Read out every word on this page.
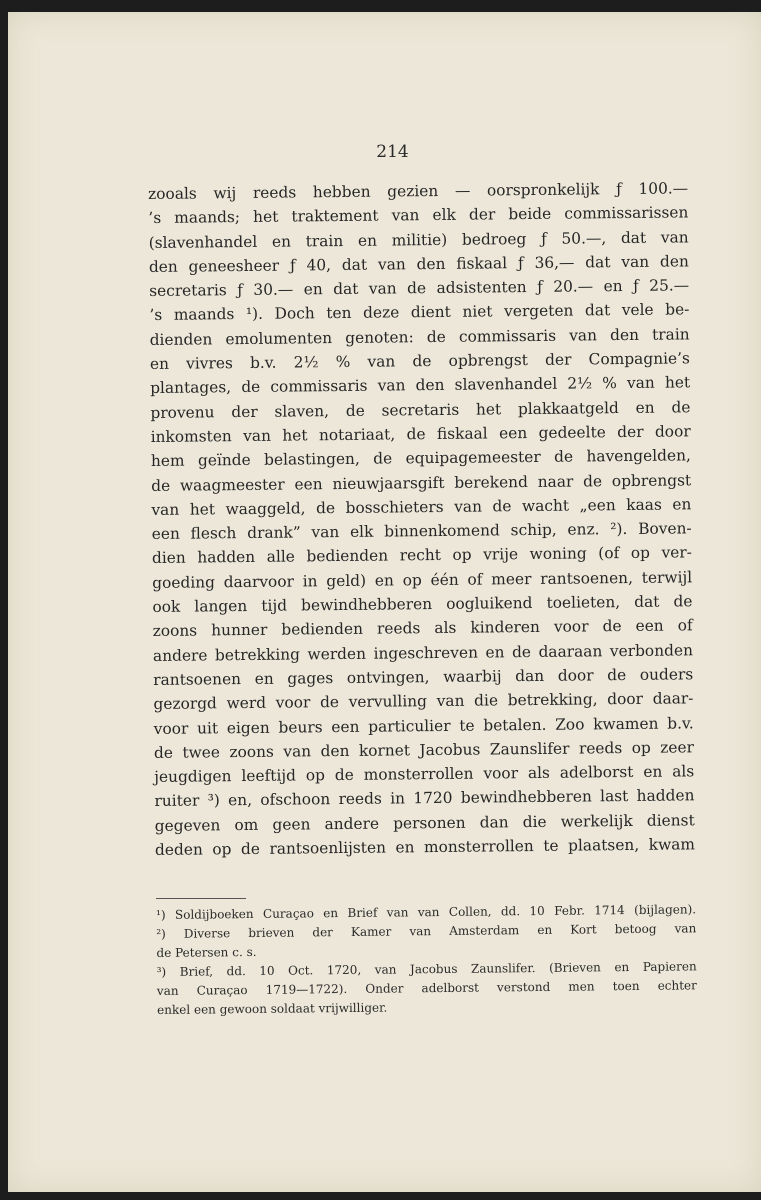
214
zooals wij reeds hebben gezien — oorspronkelijk ƒ 100.—
’s maands; het traktement van elk der beide commissarissen
(slavenhandel en train en militie) bedroeg ƒ 50.—, dat van
den geneesheer ƒ 40, dat van den fiskaal ƒ 36,— dat van den
secretaris ƒ 30.— en dat van de adsistenten ƒ 20.— en ƒ 25.—
’s maands ¹). Doch ten deze dient niet vergeten dat vele be-
dienden emolumenten genoten: de commissaris van den train
en vivres b.v. 2½ % van de opbrengst der Compagnie’s
plantages, de commissaris van den slavenhandel 2½ % van het
provenu der slaven, de secretaris het plakkaatgeld en de
inkomsten van het notariaat, de fiskaal een gedeelte der door
hem geïnde belastingen, de equipagemeester de havengelden,
de waagmeester een nieuwjaarsgift berekend naar de opbrengst
van het waaggeld, de bosschieters van de wacht „een kaas en
een flesch drank” van elk binnenkomend schip, enz. ²). Boven-
dien hadden alle bedienden recht op vrije woning (of op ver-
goeding daarvoor in geld) en op één of meer rantsoenen, terwijl
ook langen tijd bewindhebberen oogluikend toelieten, dat de
zoons hunner bedienden reeds als kinderen voor de een of
andere betrekking werden ingeschreven en de daaraan verbonden
rantsoenen en gages ontvingen, waarbij dan door de ouders
gezorgd werd voor de vervulling van die betrekking, door daar-
voor uit eigen beurs een particulier te betalen. Zoo kwamen b.v.
de twee zoons van den kornet Jacobus Zaunslifer reeds op zeer
jeugdigen leeftijd op de monsterrollen voor als adelborst en als
ruiter ³) en, ofschoon reeds in 1720 bewindhebberen last hadden
gegeven om geen andere personen dan die werkelijk dienst
deden op de rantsoenlijsten en monsterrollen te plaatsen, kwam
¹) Soldijboeken Curaçao en Brief van van Collen, dd. 10 Febr. 1714 (bijlagen).
²) Diverse brieven der Kamer van Amsterdam en Kort betoog van
de Petersen c. s.
³) Brief, dd. 10 Oct. 1720, van Jacobus Zaunslifer. (Brieven en Papieren
van Curaçao 1719—1722). Onder adelborst verstond men toen echter
enkel een gewoon soldaat vrijwilliger.
